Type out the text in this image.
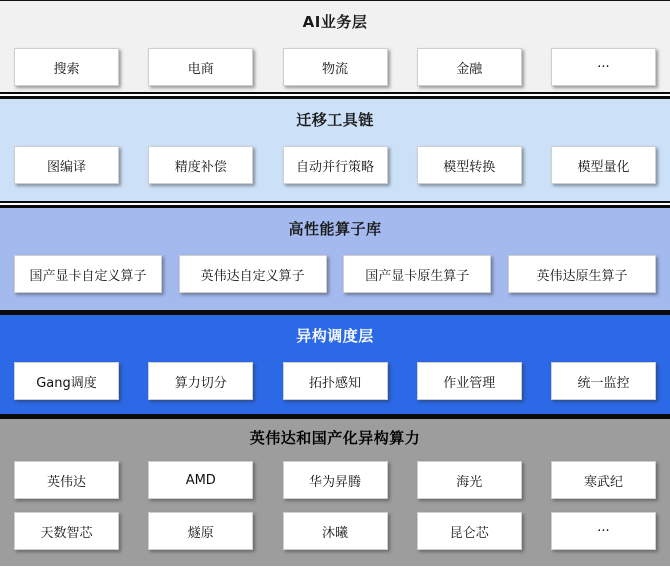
AI业务层
搜索	电商	物流	金融	···
迁移工具链
图编译	精度补偿	自动并行策略	模型转换	模型量化
高性能算子库
国产显卡自定义算子	英伟达自定义算子	国产显卡原生算子	英伟达原生算子
异构调度层
Gang调度	算力切分	拓扑感知	作业管理	统一监控
英伟达和国产化异构算力
英伟达	AMD	华为昇腾	海光	寒武纪
天数智芯	燧原	沐曦	昆仑芯	···
